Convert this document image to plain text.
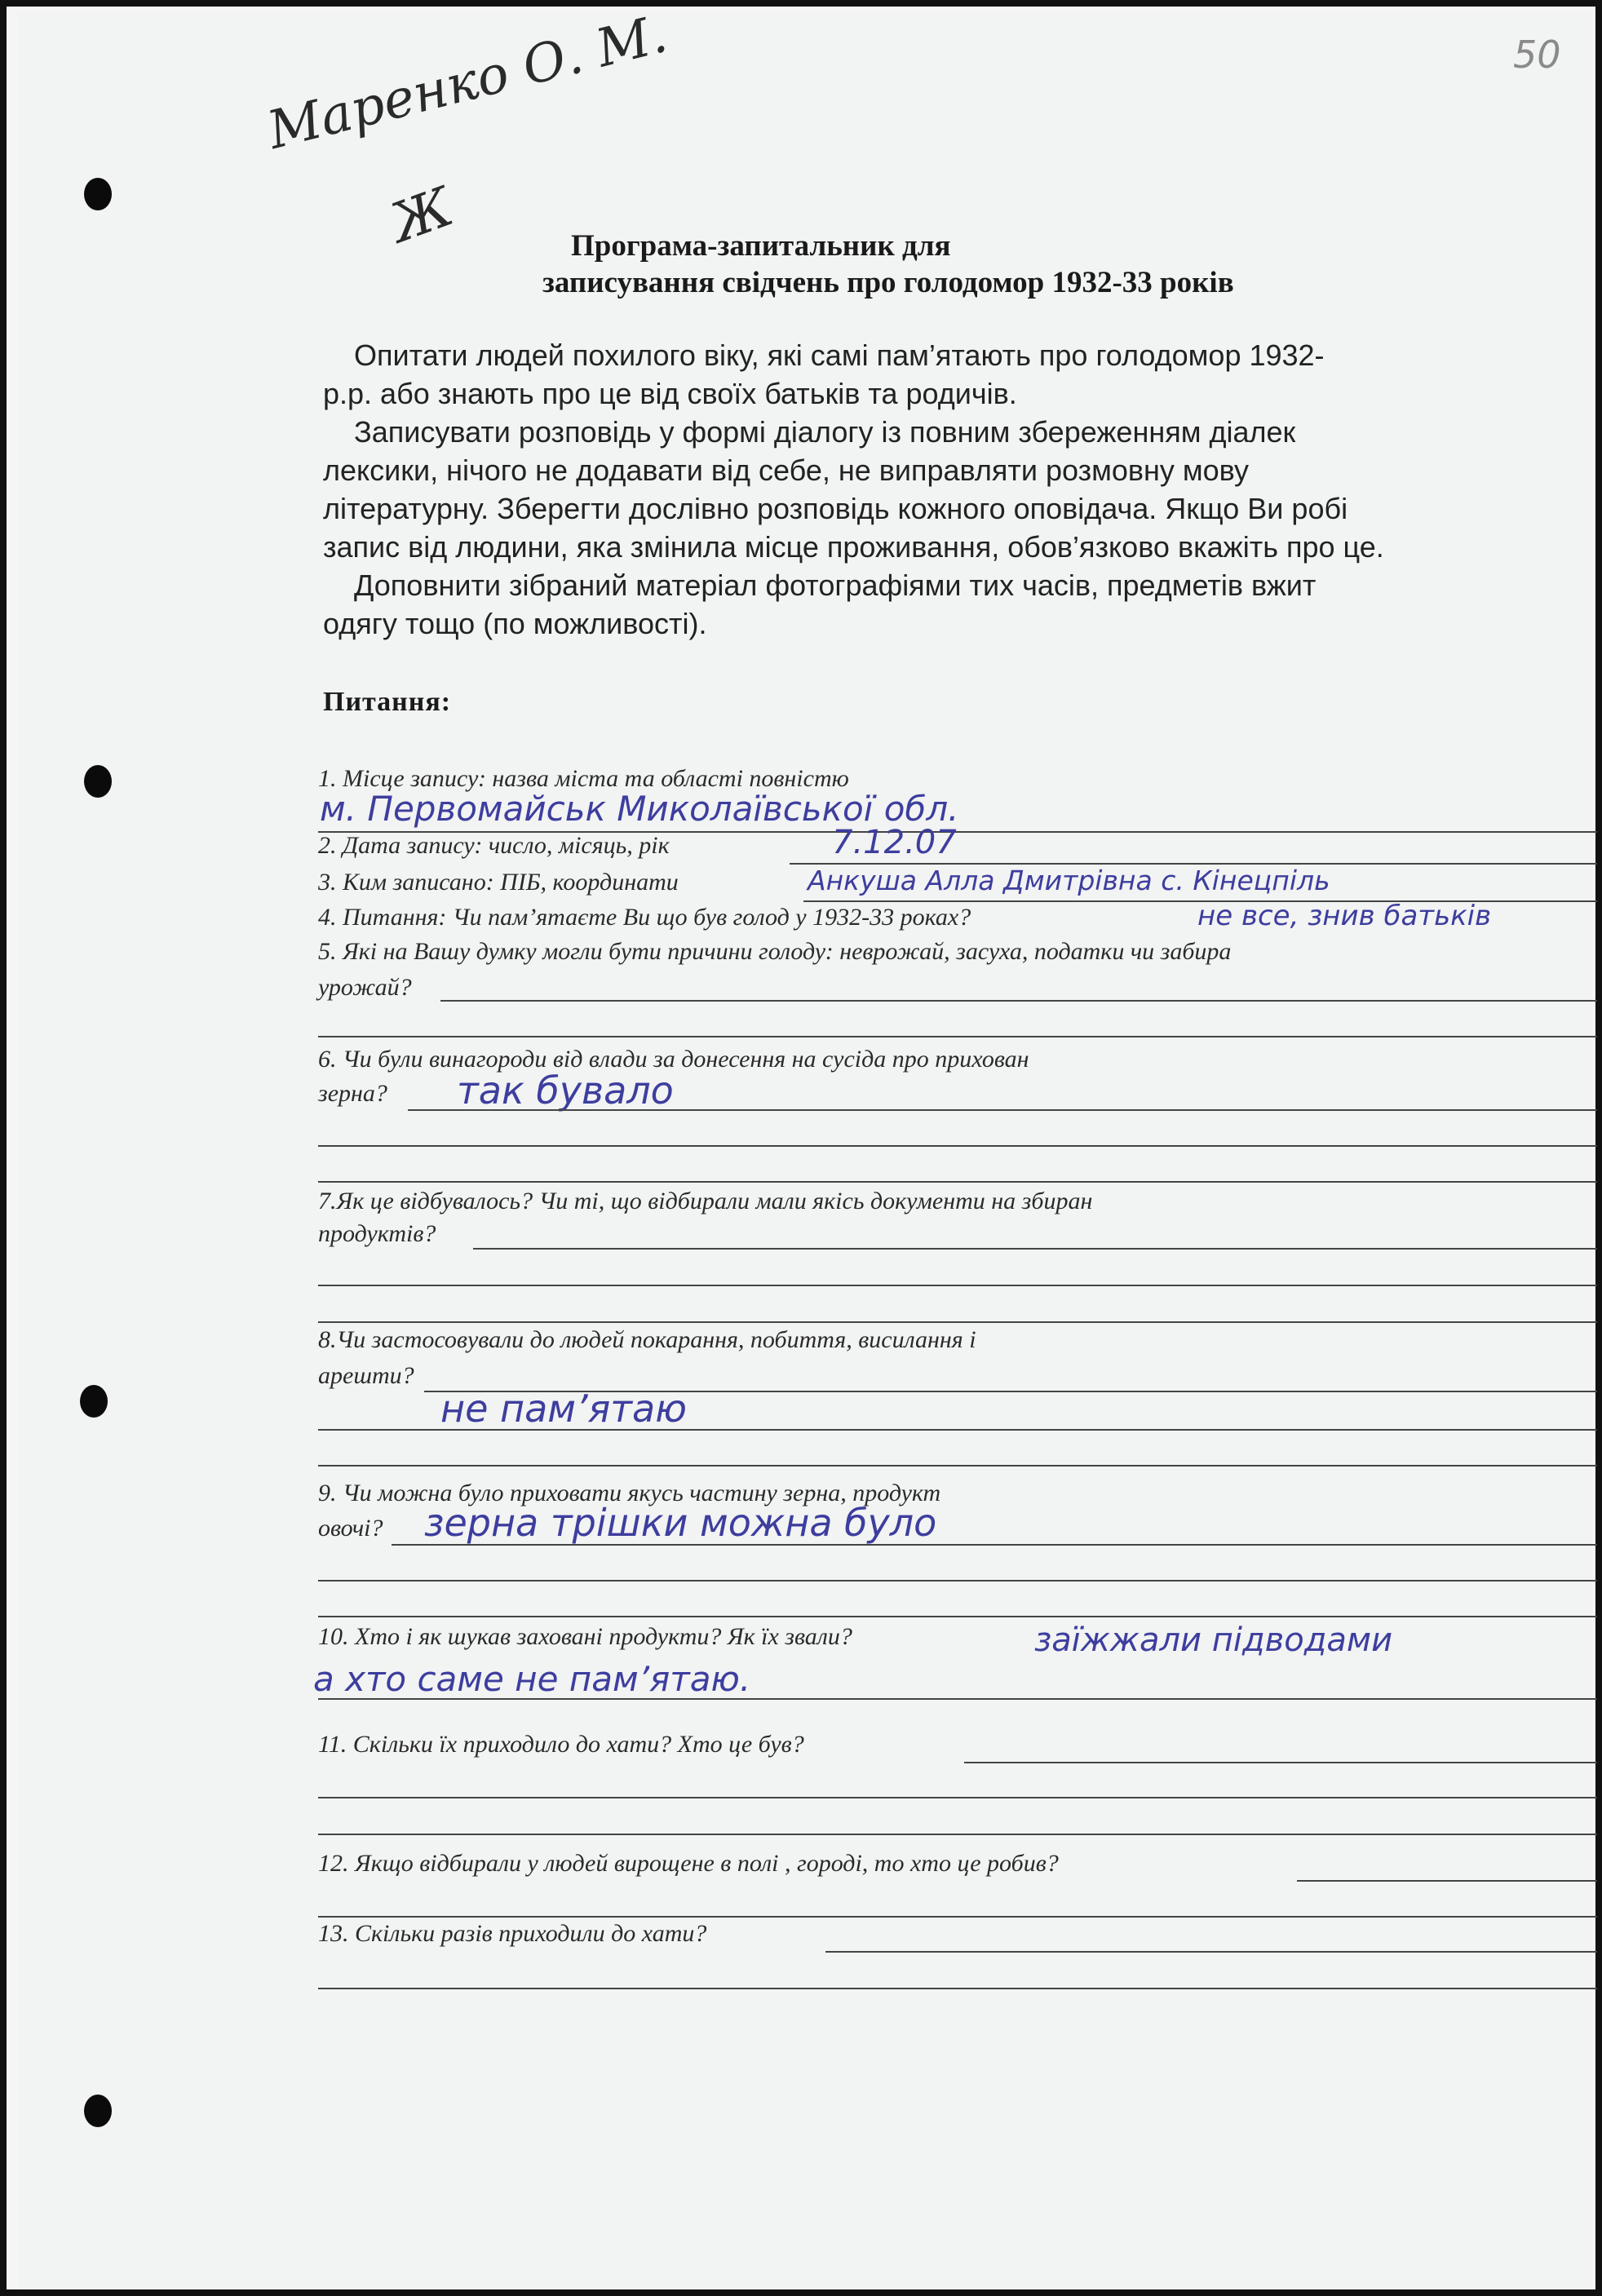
50
Маренко О. М.
Ж	Програма-запитальник для
записування свідчень про голодомор 1932-33 років
Опитати людей похилого віку, які самі пам’ятають про голодомор 1932-
р.р. або знають про це від своїх батьків та родичів.
Записувати розповідь у формі діалогу із повним збереженням діалек
лексики, нічого не додавати від себе, не виправляти розмовну мову
літературну. Зберегти дослівно розповідь кожного оповідача. Якщо Ви робі
запис від людини, яка змінила місце проживання, обов’язково вкажіть про це.
Доповнити зібраний матеріал фотографіями тих часів, предметів вжит
одягу тощо (по можливості).
Питання:
1. Місце запису: назва міста та області повністю
м. Первомайськ Миколаївської обл.
2. Дата запису: число, місяць, рік	7.12.07
3. Ким записано: ПІБ, координати	Анкуша Алла Дмитрівна с. Кінецпіль
4. Питання: Чи пам’ятаєте Ви що був голод у 1932-33 роках?	не все, знив батьків
5. Які на Вашу думку могли бути причини голоду: неврожай, засуха, податки чи забира
урожай?
6. Чи були винагороди від влади за донесення на сусіда про прихован
зерна? так бувало
7.Як це відбувалось? Чи ті, що відбирали мали якісь документи на збиран
продуктів?
8.Чи застосовували до людей покарання, побиття, висилання і
арешти?
не пам’ятаю
9. Чи можна було приховати якусь частину зерна, продукт
овочі? зерна трішки можна було
10. Хто і як шукав заховані продукти? Як їх звали?	заїжжали підводами
а хто саме не пам’ятаю.
11. Скільки їх приходило до хати? Хто це був?
12. Якщо відбирали у людей вирощене в полі , городі, то хто це робив?
13. Скільки разів приходили до хати?
